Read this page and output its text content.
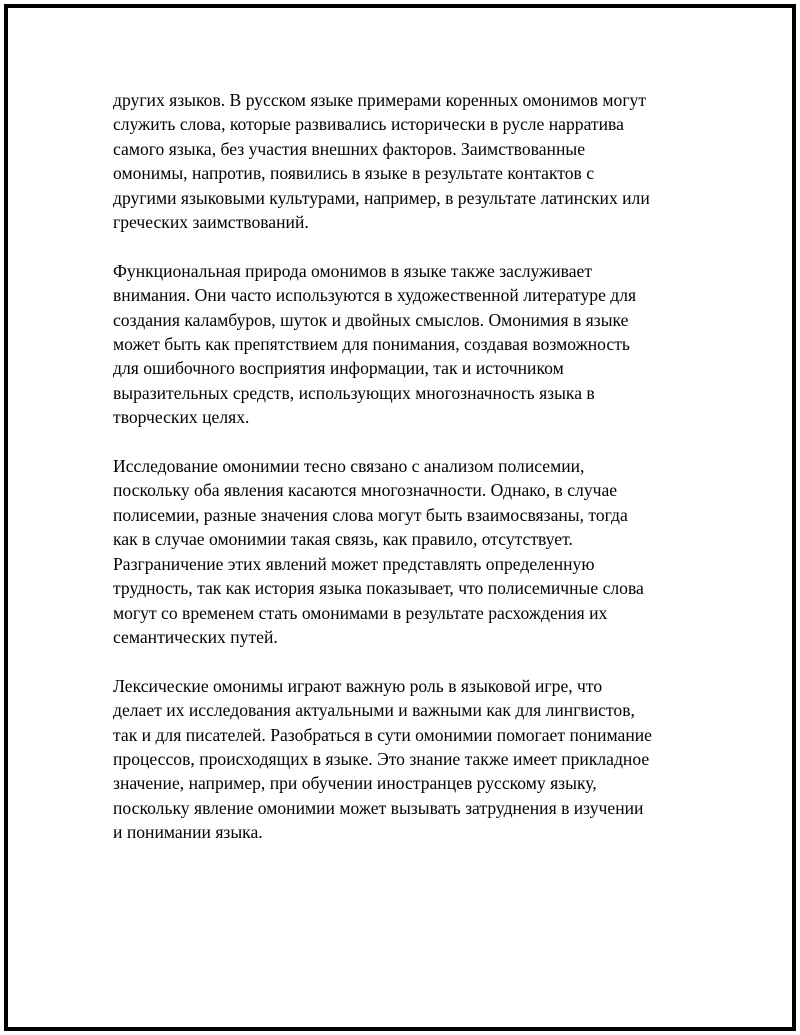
других языков. В русском языке примерами коренных омонимов могут
служить слова, которые развивались исторически в русле нарратива
самого языка, без участия внешних факторов. Заимствованные
омонимы, напротив, появились в языке в результате контактов с
другими языковыми культурами, например, в результате латинских или
греческих заимствований.

Функциональная природа омонимов в языке также заслуживает
внимания. Они часто используются в художественной литературе для
создания каламбуров, шуток и двойных смыслов. Омонимия в языке
может быть как препятствием для понимания, создавая возможность
для ошибочного восприятия информации, так и источником
выразительных средств, использующих многозначность языка в
творческих целях.

Исследование омонимии тесно связано с анализом полисемии,
поскольку оба явления касаются многозначности. Однако, в случае
полисемии, разные значения слова могут быть взаимосвязаны, тогда
как в случае омонимии такая связь, как правило, отсутствует.
Разграничение этих явлений может представлять определенную
трудность, так как история языка показывает, что полисемичные слова
могут со временем стать омонимами в результате расхождения их
семантических путей.

Лексические омонимы играют важную роль в языковой игре, что
делает их исследования актуальными и важными как для лингвистов,
так и для писателей. Разобраться в сути омонимии помогает понимание
процессов, происходящих в языке. Это знание также имеет прикладное
значение, например, при обучении иностранцев русскому языку,
поскольку явление омонимии может вызывать затруднения в изучении
и понимании языка.
